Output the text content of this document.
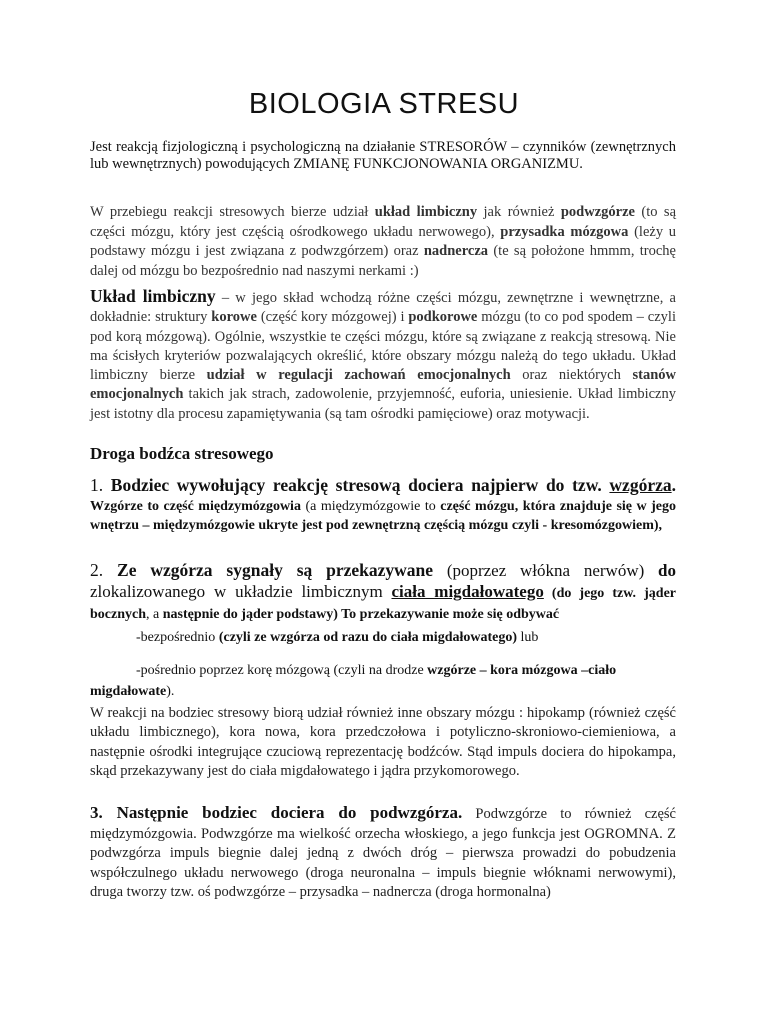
BIOLOGIA STRESU

Jest reakcją fizjologiczną i psychologiczną na działanie STRESORÓW – czynników (zewnętrznych lub wewnętrznych) powodujących ZMIANĘ FUNKCJONOWANIA ORGANIZMU.

W przebiegu reakcji stresowych bierze udział układ limbiczny jak również podwzgórze (to są części mózgu, który jest częścią ośrodkowego układu nerwowego), przysadka mózgowa (leży u podstawy mózgu i jest związana z podwzgórzem) oraz nadnercza (te są położone hmmm, trochę dalej od mózgu bo bezpośrednio nad naszymi nerkami :)

Układ limbiczny – w jego skład wchodzą różne części mózgu, zewnętrzne i wewnętrzne, a dokładnie: struktury korowe (część kory mózgowej) i podkorowe mózgu (to co pod spodem – czyli pod korą mózgową). Ogólnie, wszystkie te części mózgu, które są związane z reakcją stresową. Nie ma ścisłych kryteriów pozwalających określić, które obszary mózgu należą do tego układu. Układ limbiczny bierze udział w regulacji zachowań emocjonalnych oraz niektórych stanów emocjonalnych takich jak strach, zadowolenie, przyjemność, euforia, uniesienie. Układ limbiczny jest istotny dla procesu zapamiętywania (są tam ośrodki pamięciowe) oraz motywacji.

Droga bodźca stresowego

1. Bodziec wywołujący reakcję stresową dociera najpierw do tzw. wzgórza. Wzgórze to część międzymózgowia (a międzymózgowie to część mózgu, która znajduje się w jego wnętrzu – międzymózgowie ukryte jest pod zewnętrzną częścią mózgu czyli - kresomózgowiem),

2. Ze wzgórza sygnały są przekazywane (poprzez włókna nerwów) do zlokalizowanego w układzie limbicznym ciała migdałowatego (do jego tzw. jąder bocznych, a następnie do jąder podstawy) To przekazywanie może się odbywać

-bezpośrednio (czyli ze wzgórza od razu do ciała migdałowatego) lub

-pośrednio poprzez korę mózgową (czyli na drodze wzgórze – kora mózgowa –ciało migdałowate).

W reakcji na bodziec stresowy biorą udział również inne obszary mózgu : hipokamp (również część układu limbicznego), kora nowa, kora przedczołowa i potyliczno-skroniowo-ciemieniowa, a następnie ośrodki integrujące czuciową reprezentację bodźców. Stąd impuls dociera do hipokampa, skąd przekazywany jest do ciała migdałowatego i jądra przykomorowego.

3. Następnie bodziec dociera do podwzgórza. Podwzgórze to również część międzymózgowia. Podwzgórze ma wielkość orzecha włoskiego, a jego funkcja jest OGROMNA. Z podwzgórza impuls biegnie dalej jedną z dwóch dróg – pierwsza prowadzi do pobudzenia współczulnego układu nerwowego (droga neuronalna – impuls biegnie włóknami nerwowymi), druga tworzy tzw. oś podwzgórze – przysadka – nadnercza (droga hormonalna)
